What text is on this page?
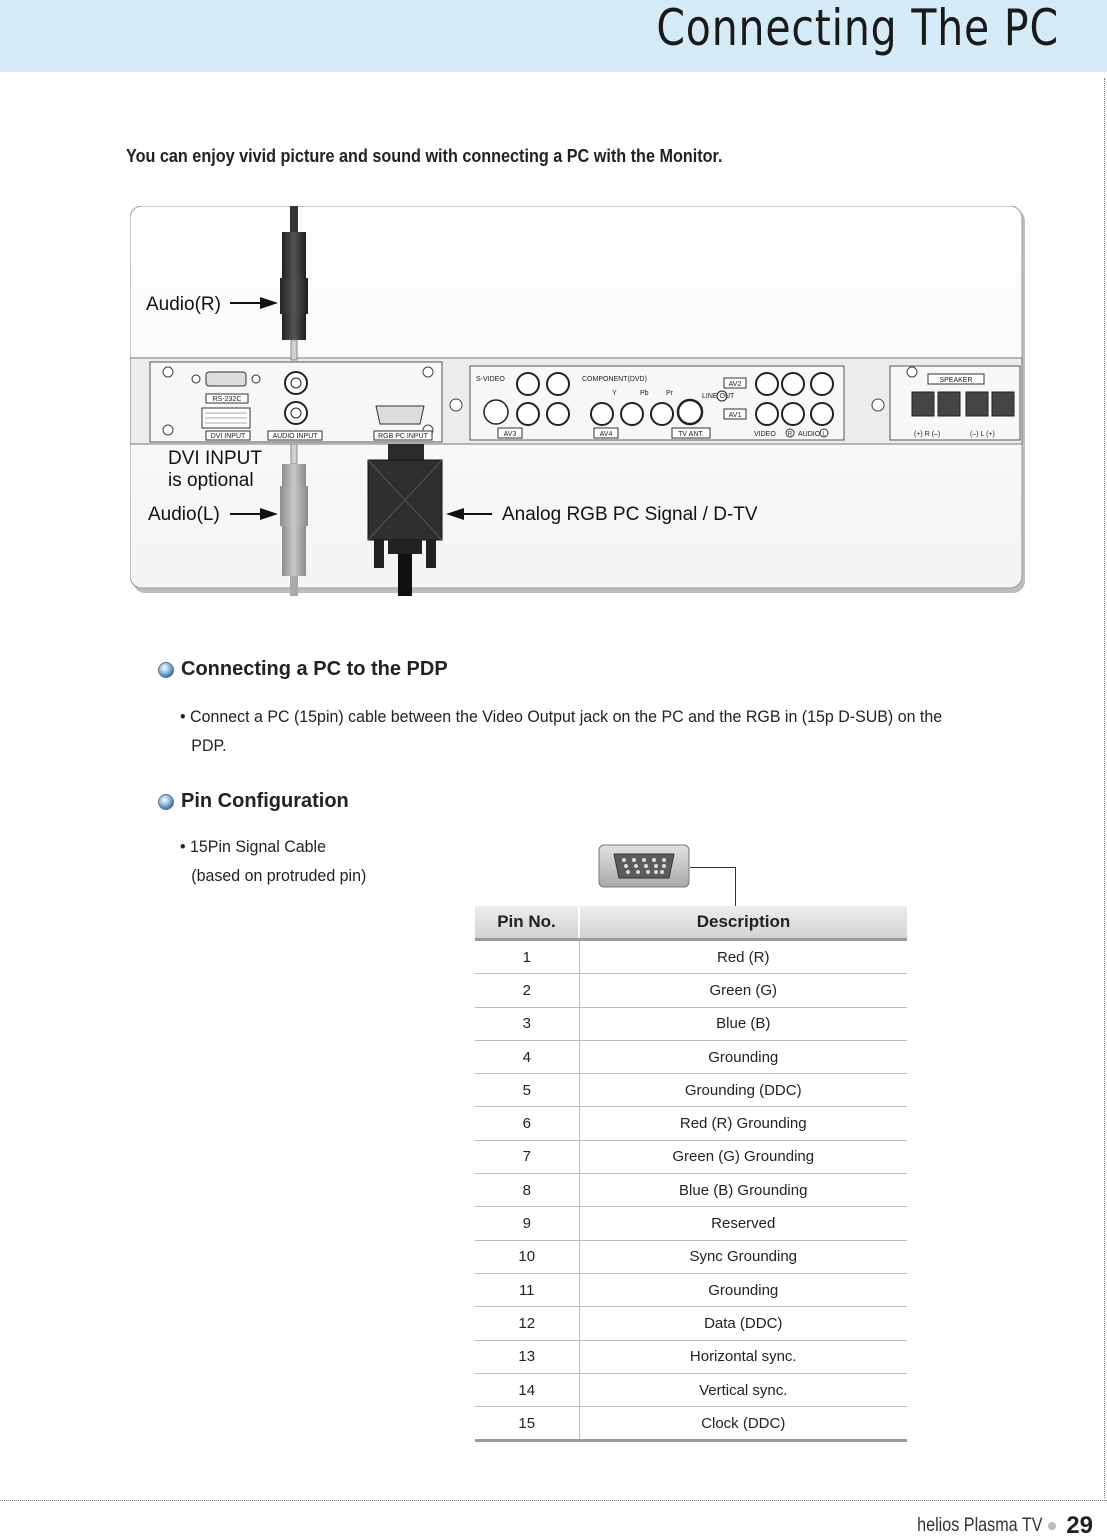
Connecting The PC
You can enjoy vivid picture and sound with connecting a PC with the Monitor.
RS-232C
DVI INPUT	AUDIO INPUT	RGB PC INPUT
S-VIDEO	COMPONENT(DVD)
Y	Pb Pr
AV2
LINE OUT
AV1
AV3	AV4	TV ANT.	VIDEO R AUDIO L
SPEAKER
(+) R (–)	(–) L (+)
Audio(R)
DVI INPUT
is optional
Audio(L)	Analog RGB PC Signal / D-TV
Connecting a PC to the PDP
• Connect a PC (15pin) cable between the Video Output jack on the PC and the RGB in (15p D-SUB) on the
PDP.
Pin Configuration
• 15Pin Signal Cable
(based on protruded pin)
Pin No.	Description
1	Red (R)
2	Green (G)
3	Blue (B)
4	Grounding
5	Grounding (DDC)
6	Red (R) Grounding
7	Green (G) Grounding
8	Blue (B) Grounding
9	Reserved
10	Sync Grounding
11	Grounding
12	Data (DDC)
13	Horizontal sync.
14	Vertical sync.
15	Clock (DDC)
helios Plasma TV 29
